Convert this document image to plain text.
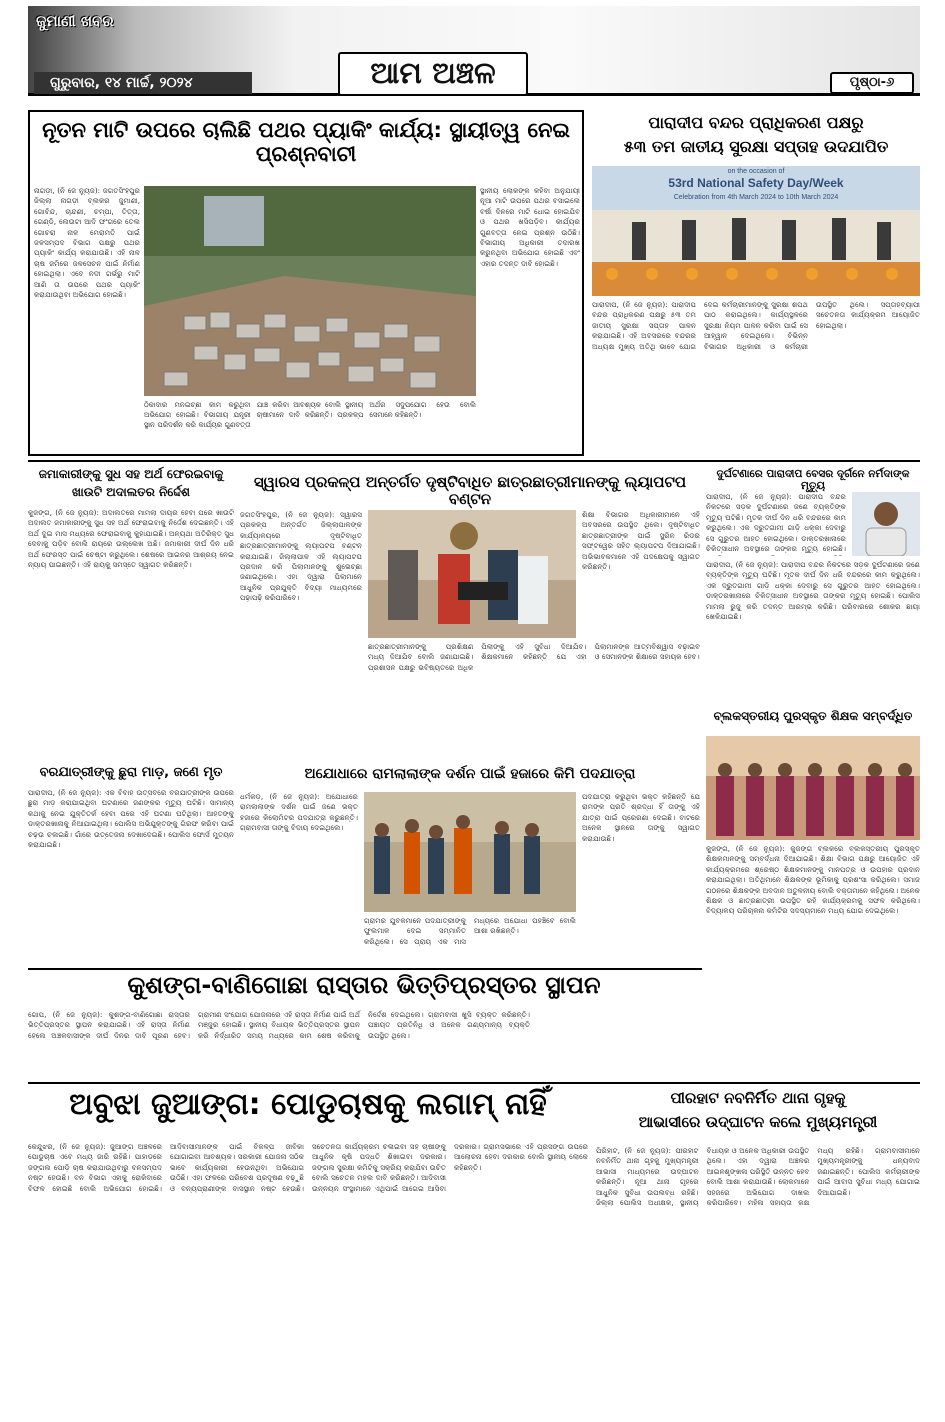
ଜୁମାଣୀ ଖବର
ଗୁରୁବାର, ୧୪ ମାର୍ଚ୍ଚ, ୨୦୨୪	ଆମ ଅଞ୍ଚଳ	ପୃଷ୍ଠା-୬
ନୂତନ ମାଟି ଉପରେ ଚାଲିଛି ପଥର ପ୍ୟାକିଂ କାର୍ଯ୍ୟ: ସ୍ଥାୟୀତ୍ୱ ନେଇ ପ୍ରଶ୍ନବାଚୀ
ନାଗଡ଼ୀ, (ନି ଜେ ନ୍ୟୁଜ): ଜଗତସିଂହପୁର ଜିଲ୍ଲା ନାଗଡ଼ୀ ବ୍ଲକର ଜୁମାଣୀ, ଗୋବିନ୍ଦ, ଚାନ୍ଦଣୀ, ଚମ୍ପା, ତିତ୍ତା, ଗେଣ୍ଡି, ଲେଉଟା ଆଦି ଫଂଗରେ ତେଲ ଗୋଚରା ନାଳ ମେରାମତି ପାଇଁ ଜଳସମ୍ପଦ ବିଭାଗ ପକ୍ଷରୁ ପଥର ପ୍ୟାକିଂ କାର୍ଯ୍ୟ କରାଯାଉଛି। ଏହି ନାଳ ଚାଷ ଜମିରେ ଜଳସେଚନ ପାଇଁ ନିର୍ମାଣ ହୋଇଥିଲା। ଏବେ ନଦୀ ଗର୍ଭରୁ ମାଟି ଆଣି ତା ଉପରେ ପଥର ପ୍ୟାକିଂ କରାଯାଉଥିବା ଅଭିଯୋଗ ହୋଇଛି।
ସ୍ଥାନୀୟ ଲୋକଙ୍କ କହିବା ଅନୁଯାୟୀ ନୂଆ ମାଟି ଉପରେ ପଥର ବସାଇଲେ ବର୍ଷା ଦିନରେ ମାଟି ଧୋଇ ହୋଇଯିବ ଓ ପଥର ଖସିପଡ଼ିବ। କାର୍ଯ୍ୟର ଗୁଣବତ୍ତା ନେଇ ପ୍ରଶ୍ନ ଉଠିଛି। ବିଭାଗୀୟ ଅଧିକାରୀ ତଦାରଖ କରୁନଥିବା ଅଭିଯୋଗ ହୋଇଛି ଏବଂ ଏହାର ତଦନ୍ତ ଦାବି ହୋଇଛି।
ଠିକାଦାର ମନଇଚ୍ଛା କାମ କରୁଥିବା ଅଭିଯୋଗ ହୋଇଛି। ବିଭାଗୀୟ ଯନ୍ତ୍ରୀ ସ୍ଥାନ ପରିଦର୍ଶନ କରି କାର୍ଯ୍ୟର ଗୁଣବତ୍ତା ଯାଞ୍ଚ କରିବା ଆବଶ୍ୟକ ବୋଲି ସ୍ଥାନୀୟ ଚାଷୀମାନେ ଦାବି କରିଛନ୍ତି। ପ୍ରକଳ୍ପ ଅର୍ଥର ସଦୁପଯୋଗ ହେଉ ବୋଲି ସେମାନେ କହିଛନ୍ତି।
ପାରାଦୀପ ବନ୍ଦର ପ୍ରାଧିକରଣ ପକ୍ଷରୁ
୫୩ ତମ ଜାତୀୟ ସୁରକ୍ଷା ସପ୍ତାହ ଉଦଯାପିତ
on the occasion of
53rd National Safety Day/Week
Celebration from 4th March 2024 to 10th March 2024
ପାରାଦୀପ, (ନି ଜେ ନ୍ୟୁଜ): ପାରାଦୀପ ବନ୍ଦର ପ୍ରାଧିକରଣ ପକ୍ଷରୁ ୫୩ ତମ ଜାତୀୟ ସୁରକ୍ଷା ସପ୍ତାହ ପାଳନ କରାଯାଇଛି। ଏହି ଅବସରରେ ବନ୍ଦରର ଅଧ୍ୟକ୍ଷ ମୁଖ୍ୟ ଅତିଥି ଭାବେ ଯୋଗ ଦେଇ କର୍ମଚାରୀମାନଙ୍କୁ ସୁରକ୍ଷା ଶପଥ ପାଠ କରାଇଥିଲେ। କାର୍ଯ୍ୟସ୍ଥଳରେ ସୁରକ୍ଷା ନିୟମ ପାଳନ କରିବା ପାଇଁ ସେ ଆହ୍ୱାନ ଦେଇଥିଲେ। ବିଭିନ୍ନ ବିଭାଗର ଅଧିକାରୀ ଓ କର୍ମଚାରୀ ଉପସ୍ଥିତ ଥିଲେ। ସପ୍ତାହବ୍ୟାପୀ ସଚେତନତା କାର୍ଯ୍ୟକ୍ରମ ଆୟୋଜିତ ହୋଇଥିଲା।
ଜମାକାରୀଙ୍କୁ ସୁଧ ସହ ଅର୍ଥ ଫେରଇବାକୁ
ଖାଉଟି ଅଦାଲତର ନିର୍ଦ୍ଦେଶ
କୁଜଙ୍ଗ, (ନି ଜେ ନ୍ୟୁଜ): ଅଦାଲତରେ ମାମଲା ଦାୟର ହେବା ପରେ ଖାଉଟି ଅଦାଲତ ଜମାକାରୀଙ୍କୁ ସୁଧ ସହ ଅର୍ଥ ଫେରାଇବାକୁ ନିର୍ଦ୍ଦେଶ ଦେଇଛନ୍ତି। ଏହି ଅର୍ଥ ଦୁଇ ମାସ ମଧ୍ୟରେ ଫେରାଇବାକୁ କୁହାଯାଇଛି। ଅନ୍ୟଥା ଅତିରିକ୍ତ ସୁଧ ଦେବାକୁ ପଡ଼ିବ ବୋଲି ରାୟରେ ଉଲ୍ଲେଖ ଅଛି। ଜମାକାରୀ ଦୀର୍ଘ ଦିନ ଧରି ଅର୍ଥ ଫେରସ୍ତ ପାଇଁ ଚେଷ୍ଟା କରୁଥିଲେ। ଶେଷରେ ଆଇନର ଆଶ୍ରୟ ନେଇ ନ୍ୟାୟ ପାଇଛନ୍ତି। ଏହି ରାୟକୁ ସମସ୍ତେ ସ୍ୱାଗତ କରିଛନ୍ତି।
ସ୍ୱାରସ ପ୍ରକଳ୍ପ ଅନ୍ତର୍ଗତ ଦୃଷ୍ଟିବାଧିତ ଛାତ୍ରଛାତ୍ରୀମାନଙ୍କୁ ଲ୍ୟାପଟପ ବଣ୍ଟନ
ଜଗତସିଂହପୁର, (ନି ଜେ ନ୍ୟୁଜ): ସ୍ୱାରସ ପ୍ରକଳ୍ପ ଅନ୍ତର୍ଗତ ଜିଲ୍ଲାପାଳଙ୍କ କାର୍ଯ୍ୟାଳୟରେ ଦୃଷ୍ଟିବାଧିତ ଛାତ୍ରଛାତ୍ରୀମାନଙ୍କୁ ଲ୍ୟାପଟପ ବଣ୍ଟନ କରାଯାଇଛି। ଜିଲ୍ଲାପାଳ ଏହି ଲ୍ୟାପଟପ ପ୍ରଦାନ କରି ପିଲାମାନଙ୍କୁ ଶୁଭେଚ୍ଛା ଜଣାଇଥିଲେ। ଏହା ଦ୍ୱାରା ପିଲାମାନେ ଆଧୁନିକ ପ୍ରଯୁକ୍ତି ବିଦ୍ୟା ମାଧ୍ୟମରେ ପଢ଼ାପଢ଼ି କରିପାରିବେ।
ଶିକ୍ଷା ବିଭାଗର ଅଧିକାରୀମାନେ ଏହି ଅବସରରେ ଉପସ୍ଥିତ ଥିଲେ। ଦୃଷ୍ଟିବାଧିତ ଛାତ୍ରଛାତ୍ରୀଙ୍କ ପାଇଁ ସ୍କ୍ରିନ ରିଡର ସଫ୍ଟୱେର ସହିତ ଲ୍ୟାପଟପ ଦିଆଯାଇଛି। ଅଭିଭାବକମାନେ ଏହି ପଦକ୍ଷେପକୁ ସ୍ୱାଗତ କରିଛନ୍ତି।
ଛାତ୍ରଛାତ୍ରୀମାନଙ୍କୁ ପ୍ରଶିକ୍ଷଣ ମଧ୍ୟ ଦିଆଯିବ ବୋଲି ଜଣାଯାଇଛି। ପ୍ରଶାସନ ପକ୍ଷରୁ ଭବିଷ୍ୟତରେ ଅଧିକ ପିଲାଙ୍କୁ ଏହି ସୁବିଧା ଦିଆଯିବ। ଶିକ୍ଷକମାନେ କହିଛନ୍ତି ଯେ ଏହା ପିଲାମାନଙ୍କ ଆତ୍ମବିଶ୍ୱାସ ବଢ଼ାଇବ ଓ ସେମାନଙ୍କ ଶିକ୍ଷାରେ ସହାୟକ ହେବ।
ଦୁର୍ଘଟଣାରେ ପାରାଦୀପ ବେସର ଦୂର୍ଗନେ ନର୍ମଦାଙ୍କ ମୃତ୍ୟୁ
ପାରାଦୀପ, (ନି ଜେ ନ୍ୟୁଜ): ପାରାଦୀପ ବନ୍ଦର ନିକଟରେ ସଡ଼କ ଦୁର୍ଘଟଣାରେ ଜଣେ ବ୍ୟକ୍ତିଙ୍କ ମୃତ୍ୟୁ ଘଟିଛି। ମୃତକ ଦୀର୍ଘ ଦିନ ଧରି ବନ୍ଦରରେ କାମ କରୁଥିଲେ। ଏକ ଦ୍ରୁତଗାମୀ ଗାଡ଼ି ଧକ୍କା ଦେବାରୁ ସେ ଗୁରୁତର ଆହତ ହୋଇଥିଲେ। ଡାକ୍ତରଖାନାରେ ଚିକିତ୍ସାଧୀନ ଅବସ୍ଥାରେ ତାଙ୍କର ମୃତ୍ୟୁ ହୋଇଛି।
ପାରାଦୀପ, (ନି ଜେ ନ୍ୟୁଜ): ପାରାଦୀପ ବନ୍ଦର ନିକଟରେ ସଡ଼କ ଦୁର୍ଘଟଣାରେ ଜଣେ ବ୍ୟକ୍ତିଙ୍କ ମୃତ୍ୟୁ ଘଟିଛି। ମୃତକ ଦୀର୍ଘ ଦିନ ଧରି ବନ୍ଦରରେ କାମ କରୁଥିଲେ। ଏକ ଦ୍ରୁତଗାମୀ ଗାଡ଼ି ଧକ୍କା ଦେବାରୁ ସେ ଗୁରୁତର ଆହତ ହୋଇଥିଲେ। ଡାକ୍ତରଖାନାରେ ଚିକିତ୍ସାଧୀନ ଅବସ୍ଥାରେ ତାଙ୍କର ମୃତ୍ୟୁ ହୋଇଛି। ପୋଲିସ ମାମଲା ରୁଜୁ କରି ତଦନ୍ତ ଆରମ୍ଭ କରିଛି। ପରିବାରରେ ଶୋକର ଛାୟା ଖେଳିଯାଇଛି।
ବ୍ଲକସ୍ତରୀୟ ପୁରସ୍କୃତ ଶିକ୍ଷକ ସମ୍ବର୍ଦ୍ଧିତ
କୁଜଙ୍ଗ, (ନି ଜେ ନ୍ୟୁଜ): କୁଜଙ୍ଗ ବ୍ଲକରେ ବ୍ଲକସ୍ତରୀୟ ପୁରସ୍କୃତ ଶିକ୍ଷକମାନଙ୍କୁ ସମ୍ବର୍ଦ୍ଧନା ଦିଆଯାଇଛି। ଶିକ୍ଷା ବିଭାଗ ପକ୍ଷରୁ ଆୟୋଜିତ ଏହି କାର୍ଯ୍ୟକ୍ରମରେ ଶ୍ରେଷ୍ଠ ଶିକ୍ଷକମାନଙ୍କୁ ମାନପତ୍ର ଓ ଉପହାର ପ୍ରଦାନ କରାଯାଇଥିଲା। ଅତିଥିମାନେ ଶିକ୍ଷକଙ୍କ ଭୂମିକାକୁ ପ୍ରଶଂସା କରିଥିଲେ। ସମାଜ ଗଠନରେ ଶିକ୍ଷକଙ୍କ ଅବଦାନ ଅତୁଳନୀୟ ବୋଲି ବକ୍ତାମାନେ କହିଥିଲେ। ଅନେକ ଶିକ୍ଷକ ଓ ଛାତ୍ରଛାତ୍ରୀ ଉପସ୍ଥିତ ରହି କାର୍ଯ୍ୟକ୍ରମକୁ ସଫଳ କରିଥିଲେ। ବିଦ୍ୟାଳୟ ପରିଚାଳନା କମିଟିର ସଦସ୍ୟମାନେ ମଧ୍ୟ ଯୋଗ ଦେଇଥିଲେ।
ବରଯାତ୍ରୀଙ୍କୁ ଛୁରା ମାଡ଼, ଜଣେ ମୃତ
ପାରାଦୀପ, (ନି ଜେ ନ୍ୟୁଜ): ଏକ ବିବାହ ଉତ୍ସବରେ ବରଯାତ୍ରୀଙ୍କ ଉପରେ ଛୁରା ମାଡ଼ କରାଯାଇଥିବା ଘଟଣାରେ ଜଣଙ୍କର ମୃତ୍ୟୁ ଘଟିଛି। ସାମାନ୍ୟ କଥାକୁ ନେଇ ଯୁକ୍ତିତର୍କ ହେବା ପରେ ଏହି ଘଟଣା ଘଟିଥିଲା। ଆହତଙ୍କୁ ଡାକ୍ତରଖାନାକୁ ନିଆଯାଇଥିଲା। ପୋଲିସ ଅଭିଯୁକ୍ତଙ୍କୁ ଗିରଫ କରିବା ପାଇଁ ଚଢ଼ଉ ଚଳାଇଛି। ଗାଁରେ ଉତ୍ତେଜନା ଦେଖାଦେଇଛି। ପୋଲିସ ଫୋର୍ସ ମୁତୟନ କରାଯାଇଛି।
ଅଯୋଧାରେ ରାମଲାଲାଙ୍କ ଦର୍ଶନ ପାଇଁ ହଜାରେ କିମି ପଦଯାତ୍ରା
ଧର୍ମକଡ଼, (ନି ଜେ ନ୍ୟୁଜ): ଅଯୋଧାରେ ରାମଲାଲାଙ୍କ ଦର୍ଶନ ପାଇଁ ଜଣେ ଭକ୍ତ ହଜାରେ କିଲୋମିଟର ପଦଯାତ୍ରା କରୁଛନ୍ତି। ଗ୍ରାମବାସୀ ତାଙ୍କୁ ବିଦାୟ ଦେଇଥିଲେ।
ପଦଯାତ୍ରା କରୁଥିବା ଭକ୍ତ କହିଛନ୍ତି ଯେ ରାମଙ୍କ ପ୍ରତି ଶ୍ରଦ୍ଧା ହିଁ ତାଙ୍କୁ ଏହି ଯାତ୍ରା ପାଇଁ ପ୍ରେରଣା ଦେଇଛି। ବାଟରେ ଅନେକ ସ୍ଥାନରେ ତାଙ୍କୁ ସ୍ୱାଗତ କରାଯାଉଛି।
ଗ୍ରାମର ଯୁବକମାନେ ପଦଯାତ୍ରୀଙ୍କୁ ଫୁଲମାଳ ଦେଇ ସମ୍ମାନିତ କରିଥିଲେ। ସେ ପ୍ରାୟ ଏକ ମାସ ମଧ୍ୟରେ ଅଯୋଧା ପହଞ୍ଚିବେ ବୋଲି ଆଶା ରଖିଛନ୍ତି।
କୁଶଙ୍ଗ-ବାଣିଗୋଛା ରାସ୍ତାର ଭିତ୍ତିପ୍ରସ୍ତର ସ୍ଥାପନ
ଗୋପ, (ନି ଜେ ନ୍ୟୁଜ): କୁଶଙ୍ଗ-ବାଣିଗୋଛା ରାସ୍ତାର ଭିତ୍ତିପ୍ରସ୍ତର ସ୍ଥାପନ କରାଯାଇଛି। ଏହି ରାସ୍ତା ନିର୍ମାଣ ହେଲେ ଅଞ୍ଚଳବାସୀଙ୍କ ଦୀର୍ଘ ଦିନର ଦାବି ପୂରଣ ହେବ। ଗ୍ରାମୀଣ ସଂଯୋଗ ଯୋଜନାରେ ଏହି ରାସ୍ତା ନିର୍ମାଣ ପାଇଁ ଅର୍ଥ ମଞ୍ଜୁର ହୋଇଛି। ସ୍ଥାନୀୟ ବିଧାୟକ ଭିତ୍ତିପ୍ରସ୍ତର ସ୍ଥାପନ କରି ନିର୍ଦ୍ଧାରିତ ସମୟ ମଧ୍ୟରେ କାମ ଶେଷ କରିବାକୁ ନିର୍ଦ୍ଦେଶ ଦେଇଥିଲେ। ଗ୍ରାମବାସୀ ଖୁସି ବ୍ୟକ୍ତ କରିଛନ୍ତି। ପଞ୍ଚାୟତ ପ୍ରତିନିଧି ଓ ଅନେକ ଗଣ୍ୟମାନ୍ୟ ବ୍ୟକ୍ତି ଉପସ୍ଥିତ ଥିଲେ।
ଅବୁଝା ଜୁଆଙ୍ଗ: ପୋଡୁଚାଷକୁ ଲଗାମ୍ ନାହିଁ
କେନ୍ଦୁଝର, (ନି ଜେ ନ୍ୟୁଜ): ଜୁଆଙ୍ଗ ଅଞ୍ଚଳରେ ପୋଡୁଚାଷ ଏବେ ମଧ୍ୟ ଜାରି ରହିଛି। ପାହାଡ଼ରେ ଜଙ୍ଗଲ ପୋଡ଼ି ଚାଷ କରାଯାଉଥିବାରୁ ବନସମ୍ପଦ ନଷ୍ଟ ହେଉଛି। ବନ ବିଭାଗ ଏହାକୁ ରୋକିବାରେ ବିଫଳ ହୋଇଛି ବୋଲି ଅଭିଯୋଗ ହୋଇଛି। ଆଦିବାସୀମାନଙ୍କ ପାଇଁ ବିକଳ୍ପ ଜୀବିକା ଯୋଗାଇବା ଆବଶ୍ୟକ। ସରକାରୀ ଯୋଜନା ସଠିକ ଭାବେ କାର୍ଯ୍ୟକାରୀ ହେଉନଥିବା ଅଭିଯୋଗ ଉଠିଛି। ଏହା ଫଳରେ ପରିବେଶ ପ୍ରଦୂଷଣ ବଢ଼ୁଛି ଓ ବନ୍ୟପ୍ରାଣୀଙ୍କ ବାସସ୍ଥାନ ନଷ୍ଟ ହେଉଛି। ସଚେତନତା କାର୍ଯ୍ୟକ୍ରମ ଚଳାଇବା ସହ ଚାଷୀଙ୍କୁ ଆଧୁନିକ କୃଷି ପଦ୍ଧତି ଶିଖାଇବା ଦରକାର। ଜଙ୍ଗଲ ସୁରକ୍ଷା କମିଟିକୁ ସକ୍ରିୟ କରାଯିବା ଉଚିତ ବୋଲି ସଚେତନ ମହଲ ଦାବି କରିଛନ୍ତି। ଆଦିବାସୀ ଉନ୍ନୟନ ସଂସ୍ଥାମାନେ ଏଥିପାଇଁ ଆଗେଇ ଆସିବା ଦରକାର। ଗ୍ରାମସଭାରେ ଏହି ପ୍ରସଙ୍ଗ ଉପରେ ଆଲୋଚନା ହେବା ଦରକାର ବୋଲି ସ୍ଥାନୀୟ ଲୋକେ କହିଛନ୍ତି।
ପୀରହାଟ ନବନିର୍ମିତ ଥାନା ଗୃହକୁ
ଆଭାସୀରେ ଉଦ୍‌ଘାଟନ କଲେ ମୁଖ୍ୟମନ୍ତ୍ରୀ
ପିରିହାଟ, (ନି ଜେ ନ୍ୟୁଜ): ପୀରହାଟ ନବନିର୍ମିତ ଥାନା ଗୃହକୁ ମୁଖ୍ୟମନ୍ତ୍ରୀ ଆଭାସୀ ମାଧ୍ୟମରେ ଉଦ୍‌ଘାଟନ କରିଛନ୍ତି। ନୂଆ ଥାନା ଗୃହରେ ଆଧୁନିକ ସୁବିଧା ଉପଲବ୍ଧ ରହିଛି। ଜିଲ୍ଲା ପୋଲିସ ଅଧୀକ୍ଷକ, ସ୍ଥାନୀୟ ବିଧାୟକ ଓ ଅନେକ ଅଧିକାରୀ ଉପସ୍ଥିତ ଥିଲେ। ଏହା ଦ୍ୱାରା ଅଞ୍ଚଳର ଆଇନଶୃଙ୍ଖଳା ପରିସ୍ଥିତି ଉନ୍ନତ ହେବ ବୋଲି ଆଶା କରାଯାଉଛି। ଲୋକମାନେ ସହଜରେ ଅଭିଯୋଗ ଦାଖଲ କରିପାରିବେ। ମହିଳା ସହାୟତା କକ୍ଷ ମଧ୍ୟ ରହିଛି। ଗ୍ରାମବାସୀମାନେ ମୁଖ୍ୟମନ୍ତ୍ରୀଙ୍କୁ ଧନ୍ୟବାଦ ଜଣାଇଛନ୍ତି। ପୋଲିସ କର୍ମଚାରୀଙ୍କ ପାଇଁ ଆବାସ ସୁବିଧା ମଧ୍ୟ ଯୋଗାଇ ଦିଆଯାଇଛି।
